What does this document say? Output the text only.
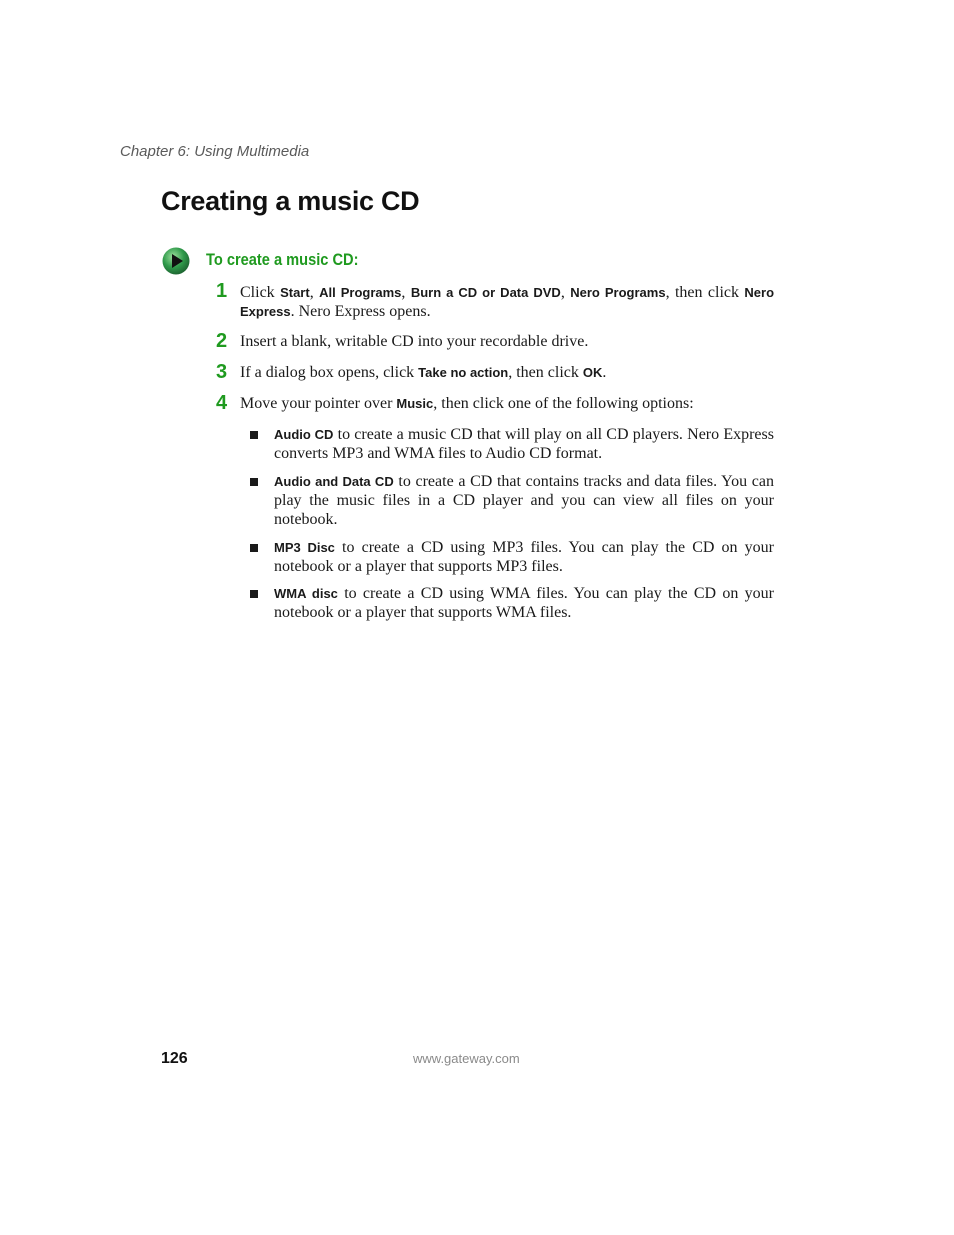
Chapter 6: Using Multimedia
Creating a music CD
To create a music CD:
1 Click Start, All Programs, Burn a CD or Data DVD, Nero Programs, then click Nero Express. Nero Express opens.
2 Insert a blank, writable CD into your recordable drive.
3 If a dialog box opens, click Take no action, then click OK.
4 Move your pointer over Music, then click one of the following options:
Audio CD to create a music CD that will play on all CD players. Nero Express converts MP3 and WMA files to Audio CD format.
Audio and Data CD to create a CD that contains tracks and data files. You can play the music files in a CD player and you can view all files on your notebook.
MP3 Disc to create a CD using MP3 files. You can play the CD on your notebook or a player that supports MP3 files.
WMA disc to create a CD using WMA files. You can play the CD on your notebook or a player that supports WMA files.
126	www.gateway.com
